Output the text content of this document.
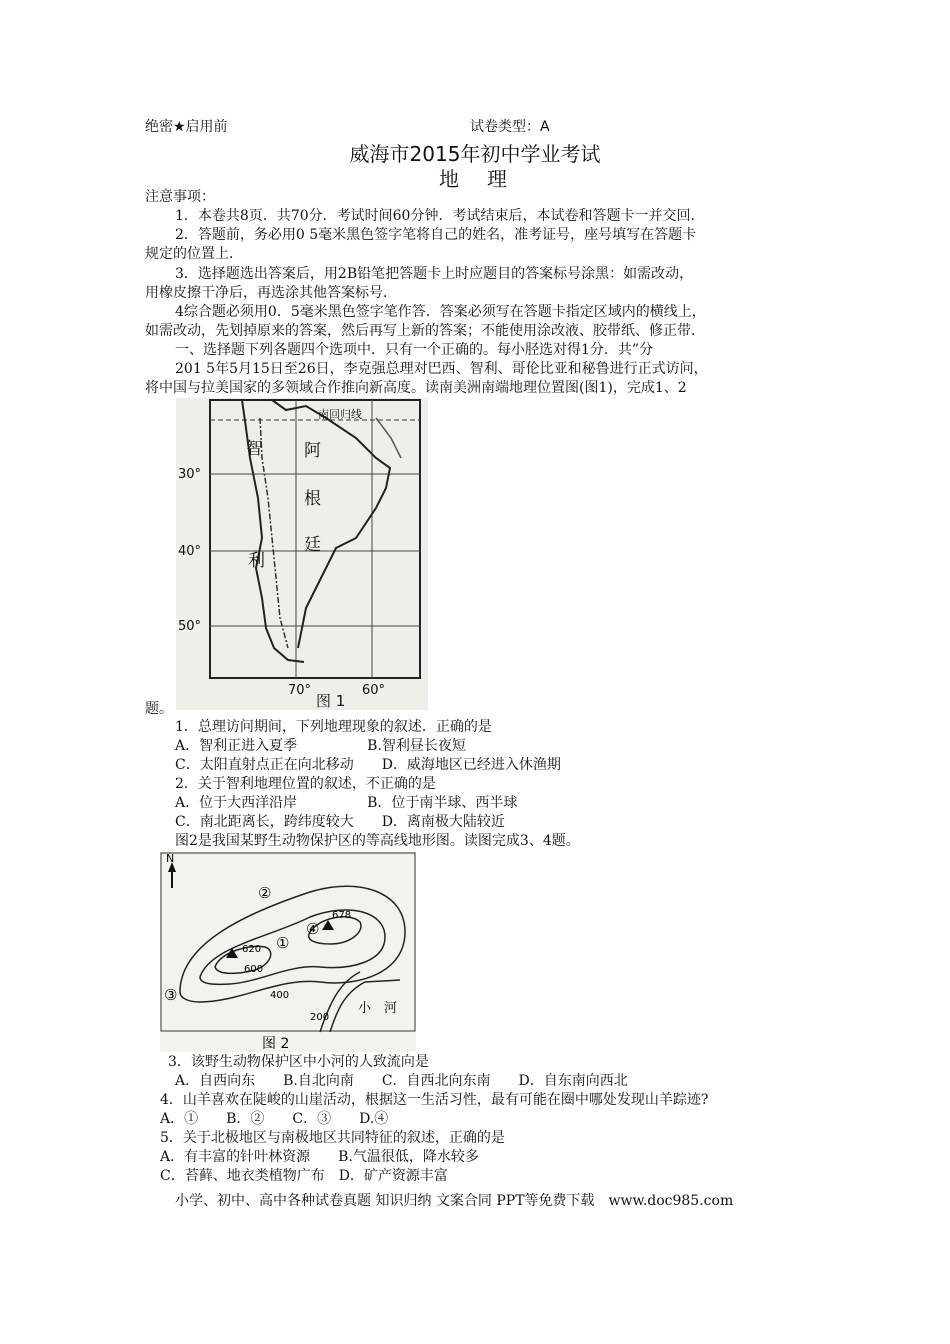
绝密★启用前	试卷类型：A
威海市2015年初中学业考试
地　理
注意事项：
1．本卷共8页．共70分．考试时间60分钟．考试结束后，本试卷和答题卡一并交回．
2．答题前，务必用0 5毫米黑色签字笔将自己的姓名，准考证号，座号填写在答题卡
规定的位置上．
3．选择题选出答案后，用2B铅笔把答题卡上时应题目的答案标号涂黑：如需改动，
用橡皮擦干净后，再选涂其他答案标号．
4综合题必须用0．5毫米黑色签字笔作答．答案必须写在答题卡指定区域内的横线上，
如需改动，先划掉原来的答案，然后再写上新的答案；不能使用涂改液、胶带纸、修正带．
一、选择题下列各题四个选项中．只有一个正确的。每小胫选对得1分．共”分
201 5年5月15日至26日，李克强总理对巴西、智利、哥伦比亚和秘鲁进行正式访问，
将中国与拉美国家的多领域合作推向新高度。读南美洲南端地理位置图(图1)，完成1、2
南回归线
30°
40°
50°
70°	60°
智
利
阿
根
廷
图 1
题。
1．总理访问期间，下列地理现象的叙述．正确的是
A．智利正进入夏季　　　　　B.智利昼长夜短
C．太阳直射点正在向北移动　　D．威海地区已经进入休渔期
2．关于智利地理位置的叙述，不正确的是
A．位于大西洋沿岸　　　　　B．位于南半球、西半球
C．南北距离长，跨纬度较大　　D．离南极大陆较近
图2是我国某野生动物保护区的等高线地形图。读图完成3、4题。
N
620
678
600
400
200
①
②
③
④
小　河
图 2
3．该野生动物保护区中小河的人致流向是
A．自西向东　　B.自北向南　　C．自西北向东南　　D．自东南向西北
4．山羊喜欢在陡峻的山崖活动，根据这一生活习性，最有可能在圈中哪处发现山羊踪迹?
A．①　　B．②　　C．③　　D.④
5．关于北极地区与南极地区共同特征的叙述，正确的是
A．有丰富的针叶林资源　　B.气温很低，降水较多
C．苔藓、地衣类植物广布　D．矿产资源丰富
小学、初中、高中各种试卷真题 知识归纳 文案合同 PPT等免费下载　www.doc985.com
